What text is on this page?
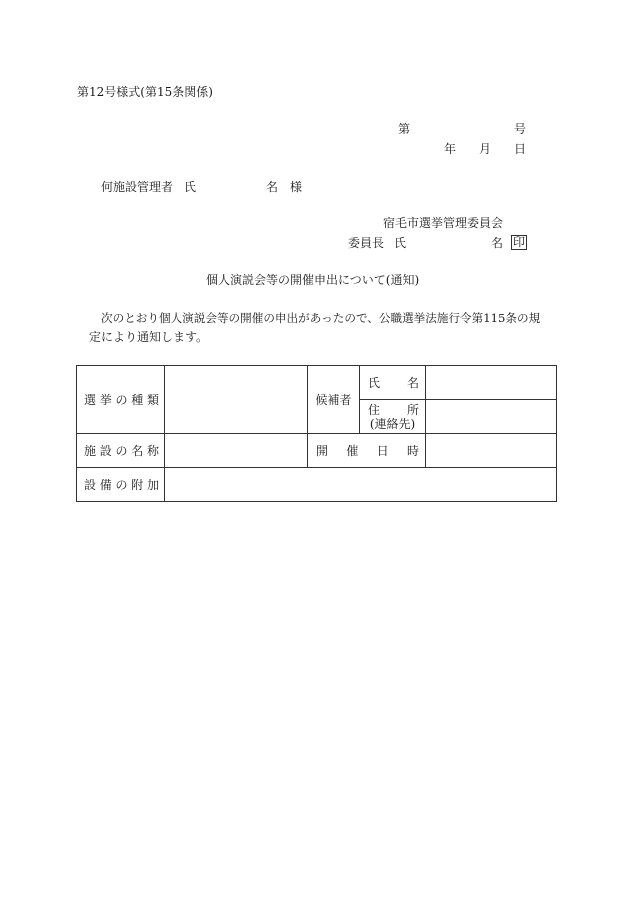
第12号様式(第15条関係)
第	号
年 月 日
何施設管理者 氏	名 様
宿毛市選挙管理委員会
委員長 氏	名 印
個人演説会等の開催申出について(通知)
次のとおり個人演説会等の開催の申出があったので、公職選挙法施行令第115条の規
定により通知します。
選 挙 の 種 類		候補者	氏 名	

			住 所
(連絡先)	

施 設 の 名 称		開 催 日 時		

設 備 の 附 加				
